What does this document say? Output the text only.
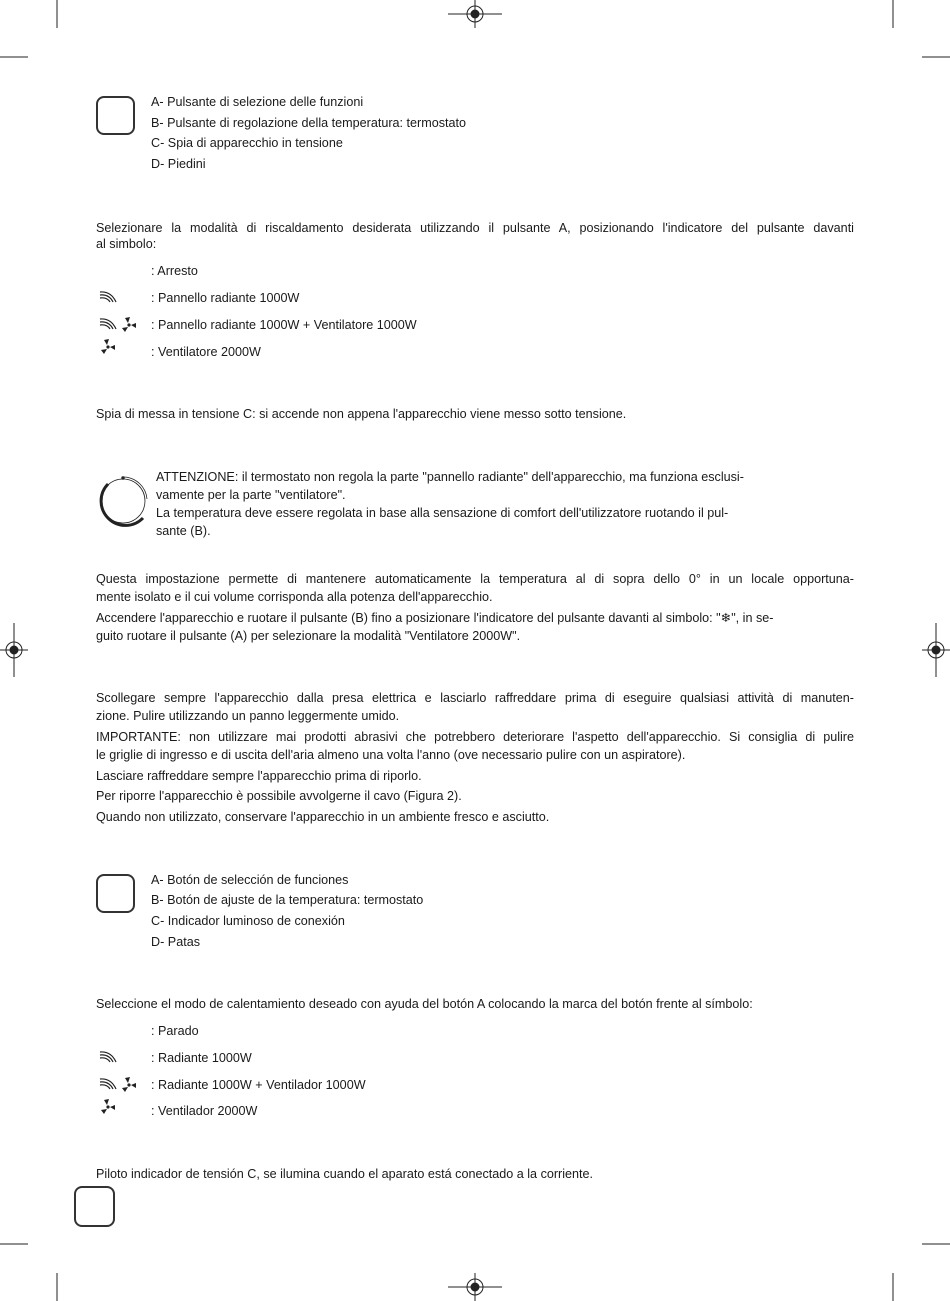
A- Pulsante di selezione delle funzioni
B- Pulsante di regolazione della temperatura: termostato
C- Spia di apparecchio in tensione
D- Piedini
Selezionare la modalità di riscaldamento desiderata utilizzando il pulsante A, posizionando l'indicatore del pulsante davanti
al simbolo:
: Arresto
: Pannello radiante 1000W
: Pannello radiante 1000W + Ventilatore 1000W
: Ventilatore 2000W
Spia di messa in tensione C: si accende non appena l'apparecchio viene messo sotto tensione.
ATTENZIONE: il termostato non regola la parte "pannello radiante" dell'apparecchio, ma funziona esclusi-
vamente per la parte "ventilatore".
La temperatura deve essere regolata in base alla sensazione di comfort dell'utilizzatore ruotando il pul-
sante (B).
Questa impostazione permette di mantenere automaticamente la temperatura al di sopra dello 0° in un locale opportuna-
mente isolato e il cui volume corrisponda alla potenza dell'apparecchio.
Accendere l'apparecchio e ruotare il pulsante (B) fino a posizionare l'indicatore del pulsante davanti al simbolo: "❄", in se-
guito ruotare il pulsante (A) per selezionare la modalità "Ventilatore 2000W".
Scollegare sempre l'apparecchio dalla presa elettrica e lasciarlo raffreddare prima di eseguire qualsiasi attività di manuten-
zione. Pulire utilizzando un panno leggermente umido.
IMPORTANTE: non utilizzare mai prodotti abrasivi che potrebbero deteriorare l'aspetto dell'apparecchio. Si consiglia di pulire
le griglie di ingresso e di uscita dell'aria almeno una volta l'anno (ove necessario pulire con un aspiratore).
Lasciare raffreddare sempre l'apparecchio prima di riporlo.
Per riporre l'apparecchio è possibile avvolgerne il cavo (Figura 2).
Quando non utilizzato, conservare l'apparecchio in un ambiente fresco e asciutto.
A- Botón de selección de funciones
B- Botón de ajuste de la temperatura: termostato
C- Indicador luminoso de conexión
D- Patas
Seleccione el modo de calentamiento deseado con ayuda del botón A colocando la marca del botón frente al símbolo:
: Parado
: Radiante 1000W
: Radiante 1000W + Ventilador 1000W
: Ventilador 2000W
Piloto indicador de tensión C, se ilumina cuando el aparato está conectado a la corriente.
